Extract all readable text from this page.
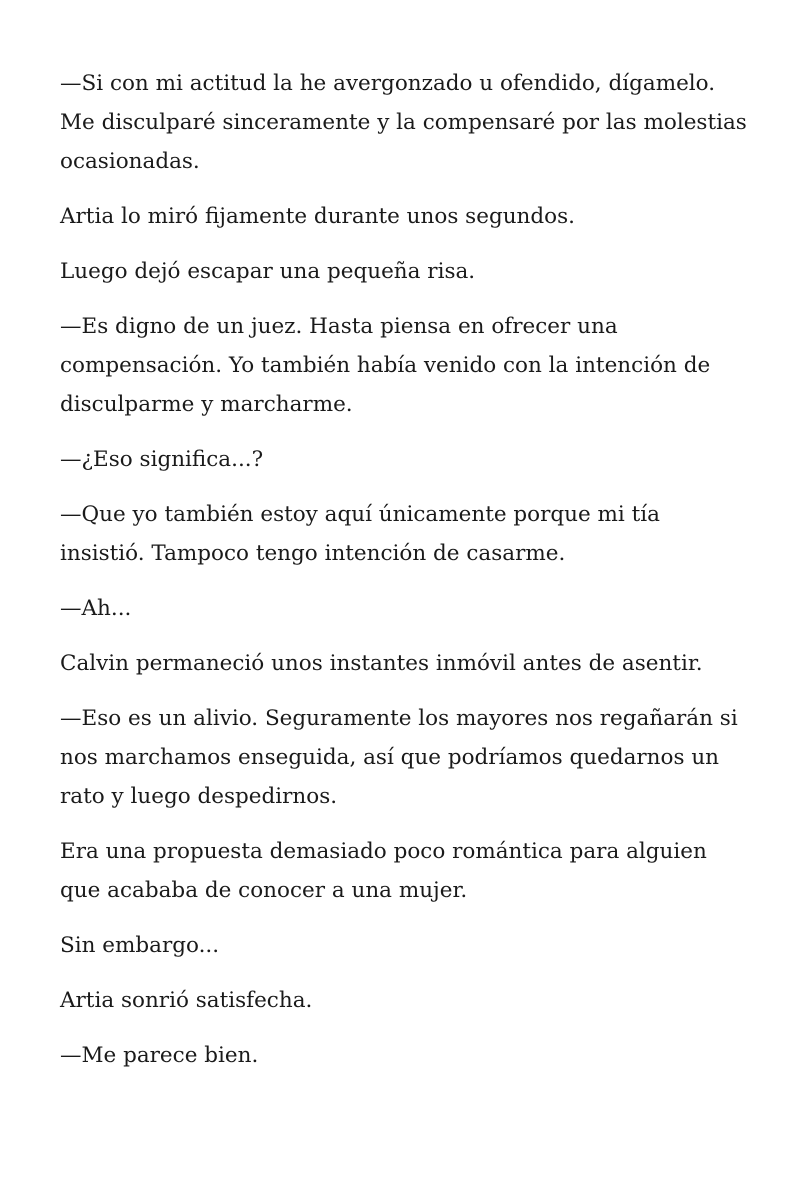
—Si con mi actitud la he avergonzado u ofendido, dígamelo. Me disculparé sinceramente y la compensaré por las molestias ocasionadas.

Artia lo miró fijamente durante unos segundos.

Luego dejó escapar una pequeña risa.

—Es digno de un juez. Hasta piensa en ofrecer una compensación. Yo también había venido con la intención de disculparme y marcharme.

—¿Eso significa...?

—Que yo también estoy aquí únicamente porque mi tía insistió. Tampoco tengo intención de casarme.

—Ah...

Calvin permaneció unos instantes inmóvil antes de asentir.

—Eso es un alivio. Seguramente los mayores nos regañarán si nos marchamos enseguida, así que podríamos quedarnos un rato y luego despedirnos.

Era una propuesta demasiado poco romántica para alguien que acababa de conocer a una mujer.

Sin embargo...

Artia sonrió satisfecha.

—Me parece bien.
